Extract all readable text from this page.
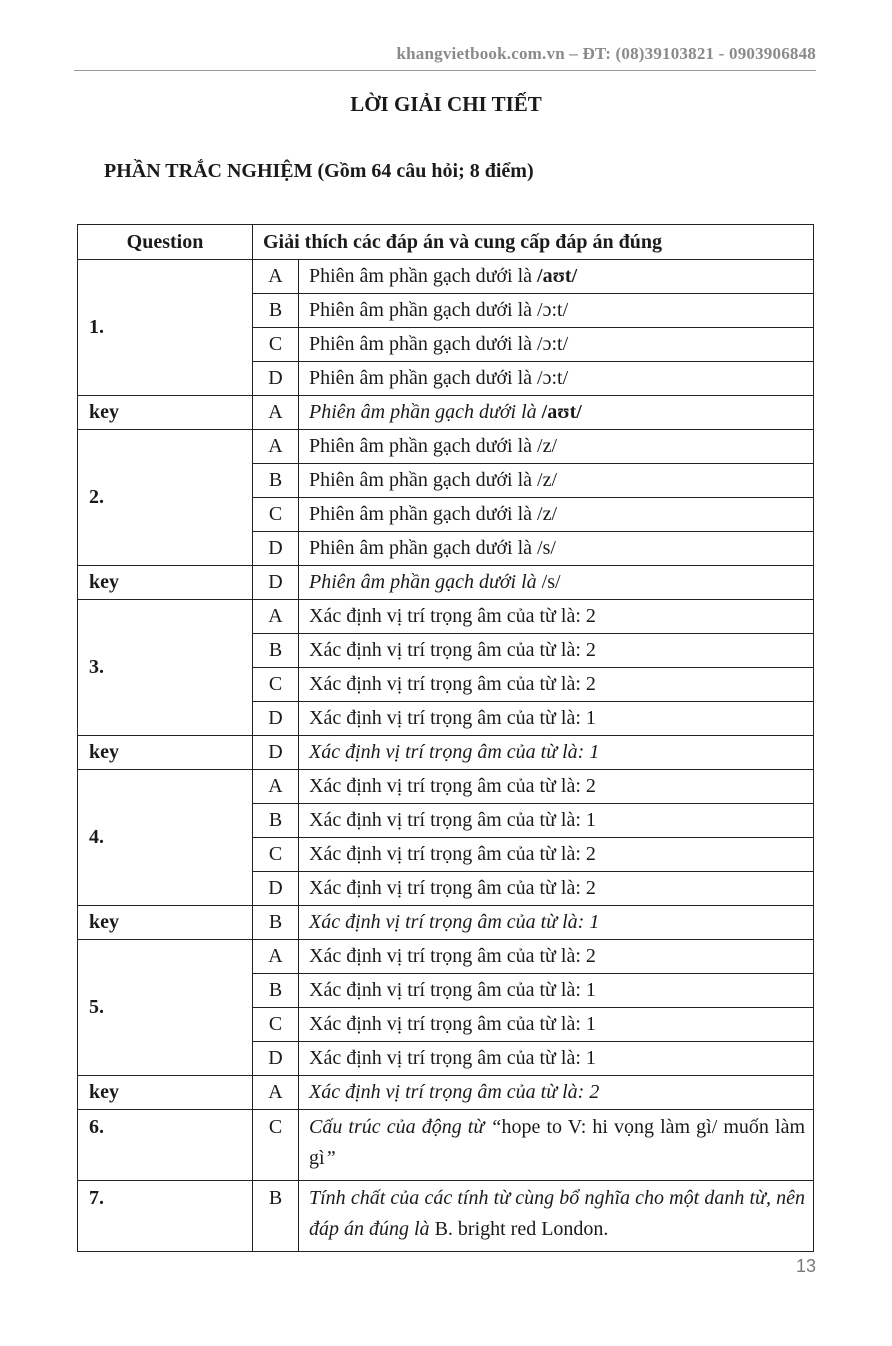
khangvietbook.com.vn – ĐT: (08)39103821 - 0903906848
LỜI GIẢI CHI TIẾT
PHẦN TRẮC NGHIỆM (Gồm 64 câu hỏi; 8 điểm)
Question	Giải thích các đáp án và cung cấp đáp án đúng	
1.	A	Phiên âm phần gạch dưới là /aʊt/
	B	Phiên âm phần gạch dưới là /ɔ:t/
	C	Phiên âm phần gạch dưới là /ɔ:t/
	D	Phiên âm phần gạch dưới là /ɔ:t/
key	A	Phiên âm phần gạch dưới là /aʊt/
2.	A	Phiên âm phần gạch dưới là /z/
	B	Phiên âm phần gạch dưới là /z/
	C	Phiên âm phần gạch dưới là /z/
	D	Phiên âm phần gạch dưới là /s/
key	D	Phiên âm phần gạch dưới là /s/
3.	A	Xác định vị trí trọng âm của từ là: 2
	B	Xác định vị trí trọng âm của từ là: 2
	C	Xác định vị trí trọng âm của từ là: 2
	D	Xác định vị trí trọng âm của từ là: 1
key	D	Xác định vị trí trọng âm của từ là: 1
4.	A	Xác định vị trí trọng âm của từ là: 2
	B	Xác định vị trí trọng âm của từ là: 1
	C	Xác định vị trí trọng âm của từ là: 2
	D	Xác định vị trí trọng âm của từ là: 2
key	B	Xác định vị trí trọng âm của từ là: 1
5.	A	Xác định vị trí trọng âm của từ là: 2
	B	Xác định vị trí trọng âm của từ là: 1
	C	Xác định vị trí trọng âm của từ là: 1
	D	Xác định vị trí trọng âm của từ là: 1
key	A	Xác định vị trí trọng âm của từ là: 2
6.	C	Cấu trúc của động từ “hope to V: hi vọng làm gì/ muốn làm gì”
7.	B	Tính chất của các tính từ cùng bổ nghĩa cho một danh từ, nên đáp án đúng là B. bright red London.
13
